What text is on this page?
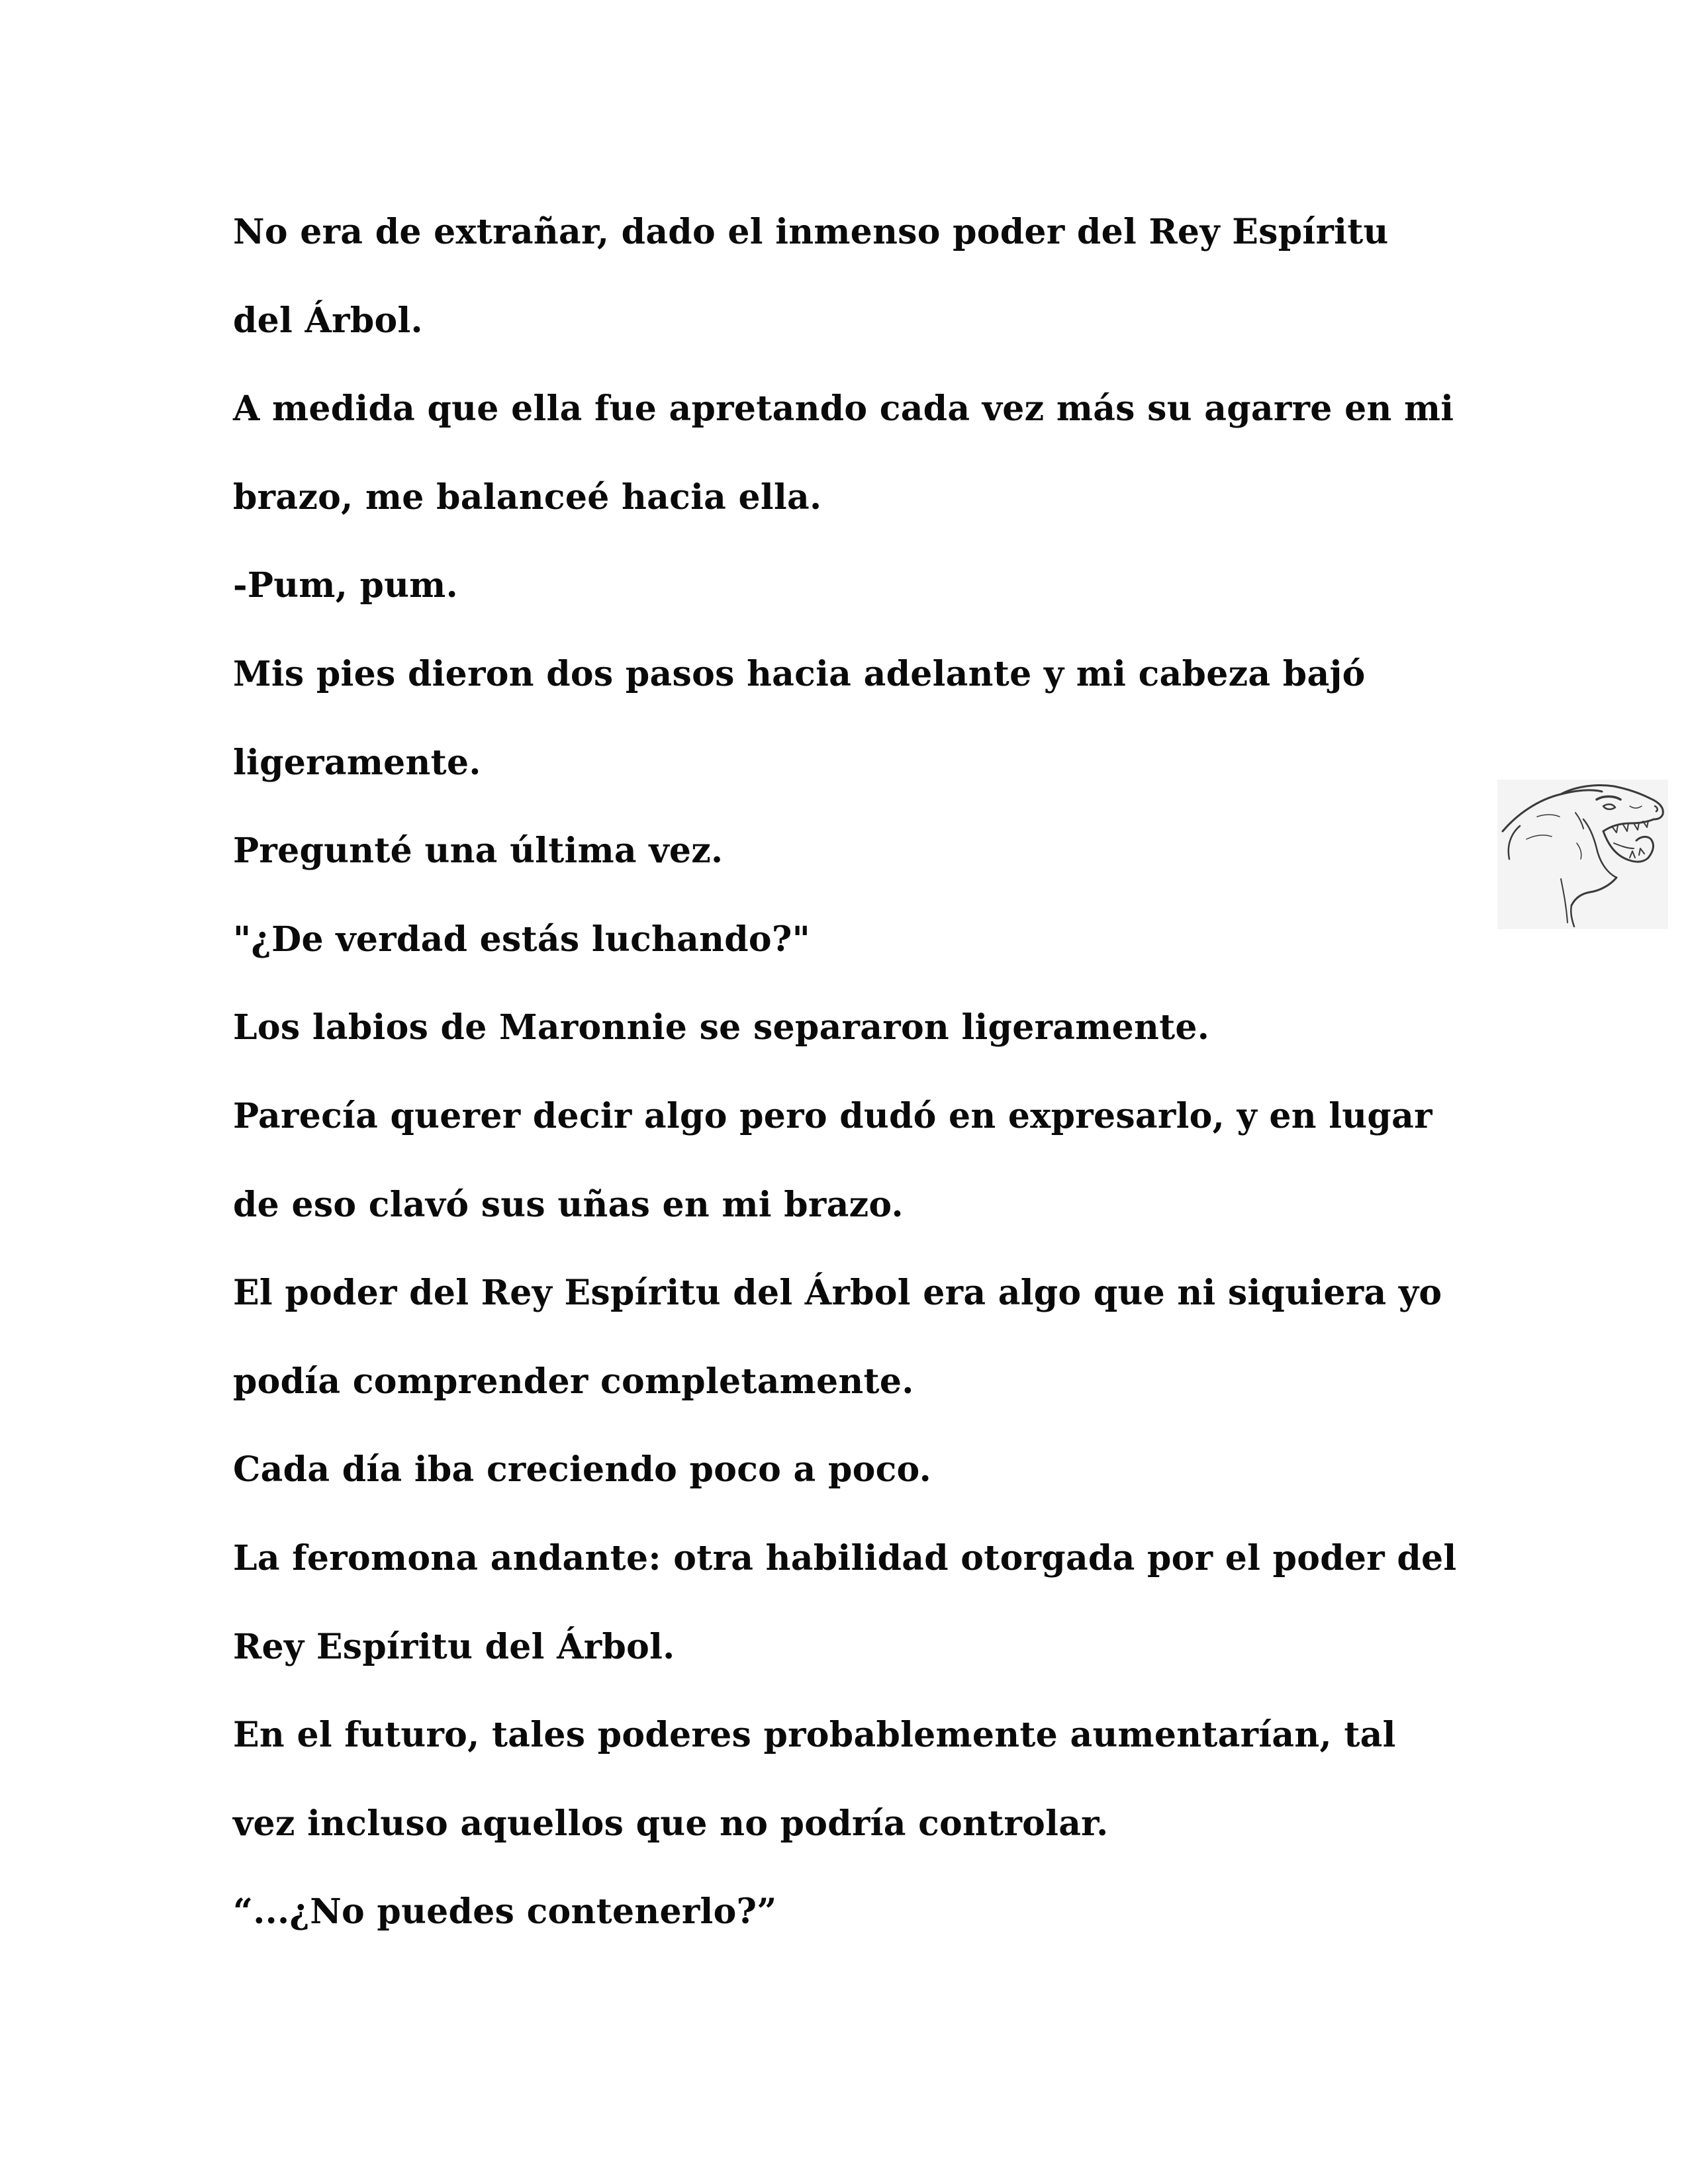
No era de extrañar, dado el inmenso poder del Rey Espíritu
del Árbol.
A medida que ella fue apretando cada vez más su agarre en mi
brazo, me balanceé hacia ella.
-Pum, pum.
Mis pies dieron dos pasos hacia adelante y mi cabeza bajó
ligeramente.
Pregunté una última vez.
"¿De verdad estás luchando?"
Los labios de Maronnie se separaron ligeramente.
Parecía querer decir algo pero dudó en expresarlo, y en lugar
de eso clavó sus uñas en mi brazo.
El poder del Rey Espíritu del Árbol era algo que ni siquiera yo
podía comprender completamente.
Cada día iba creciendo poco a poco.
La feromona andante: otra habilidad otorgada por el poder del
Rey Espíritu del Árbol.
En el futuro, tales poderes probablemente aumentarían, tal
vez incluso aquellos que no podría controlar.
“...¿No puedes contenerlo?”
